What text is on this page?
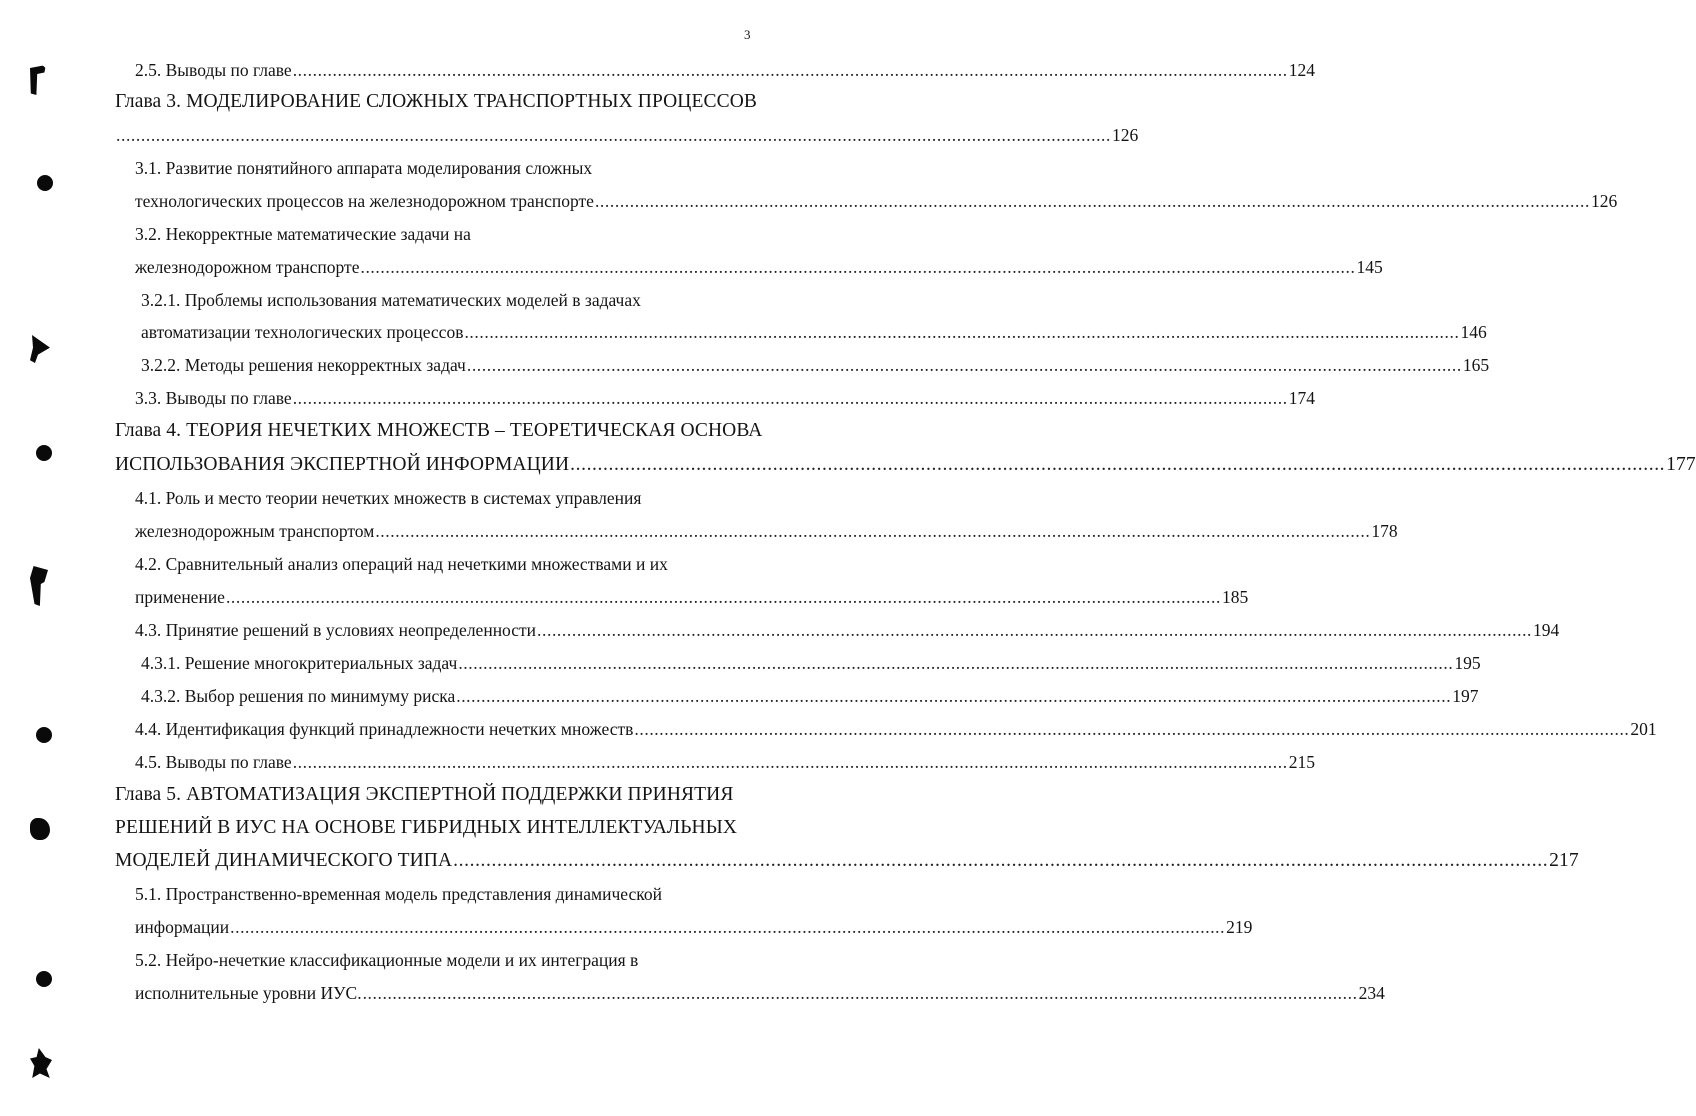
3
2.5. Выводы по главе ........................................................................................................................................................................................................ 124
Глава 3. МОДЕЛИРОВАНИЕ СЛОЖНЫХ ТРАНСПОРТНЫХ ПРОЦЕССОВ
........................................................................................................................................................................................................ 126
3.1. Развитие понятийного аппарата моделирования сложных
технологических процессов на железнодорожном транспорте ........................................................................................................................................................................................................ 126
3.2. Некорректные математические задачи на
железнодорожном транспорте ........................................................................................................................................................................................................ 145
3.2.1. Проблемы использования математических моделей в задачах
автоматизации технологических процессов ........................................................................................................................................................................................................ 146
3.2.2. Методы решения некорректных задач ........................................................................................................................................................................................................ 165
3.3. Выводы по главе ........................................................................................................................................................................................................ 174
Глава 4. ТЕОРИЯ НЕЧЕТКИХ МНОЖЕСТВ – ТЕОРЕТИЧЕСКАЯ ОСНОВА
ИСПОЛЬЗОВАНИЯ ЭКСПЕРТНОЙ ИНФОРМАЦИИ ........................................................................................................................................................................................................ 177
4.1. Роль и место теории нечетких множеств в системах управления
железнодорожным транспортом ........................................................................................................................................................................................................ 178
4.2. Сравнительный анализ операций над нечеткими множествами и их
применение ........................................................................................................................................................................................................ 185
4.3. Принятие решений в условиях неопределенности ........................................................................................................................................................................................................ 194
4.3.1. Решение многокритериальных задач ........................................................................................................................................................................................................ 195
4.3.2. Выбор решения по минимуму риска ........................................................................................................................................................................................................ 197
4.4. Идентификация функций принадлежности нечетких множеств ........................................................................................................................................................................................................ 201
4.5. Выводы по главе ........................................................................................................................................................................................................ 215
Глава 5. АВТОМАТИЗАЦИЯ ЭКСПЕРТНОЙ ПОДДЕРЖКИ ПРИНЯТИЯ
РЕШЕНИЙ В ИУС НА ОСНОВЕ ГИБРИДНЫХ ИНТЕЛЛЕКТУАЛЬНЫХ
МОДЕЛЕЙ ДИНАМИЧЕСКОГО ТИПА ........................................................................................................................................................................................................ 217
5.1. Пространственно-временная модель представления динамической
информации ........................................................................................................................................................................................................ 219
5.2. Нейро-нечеткие классификационные модели и их интеграция в
исполнительные уровни ИУС. ........................................................................................................................................................................................................ 234
